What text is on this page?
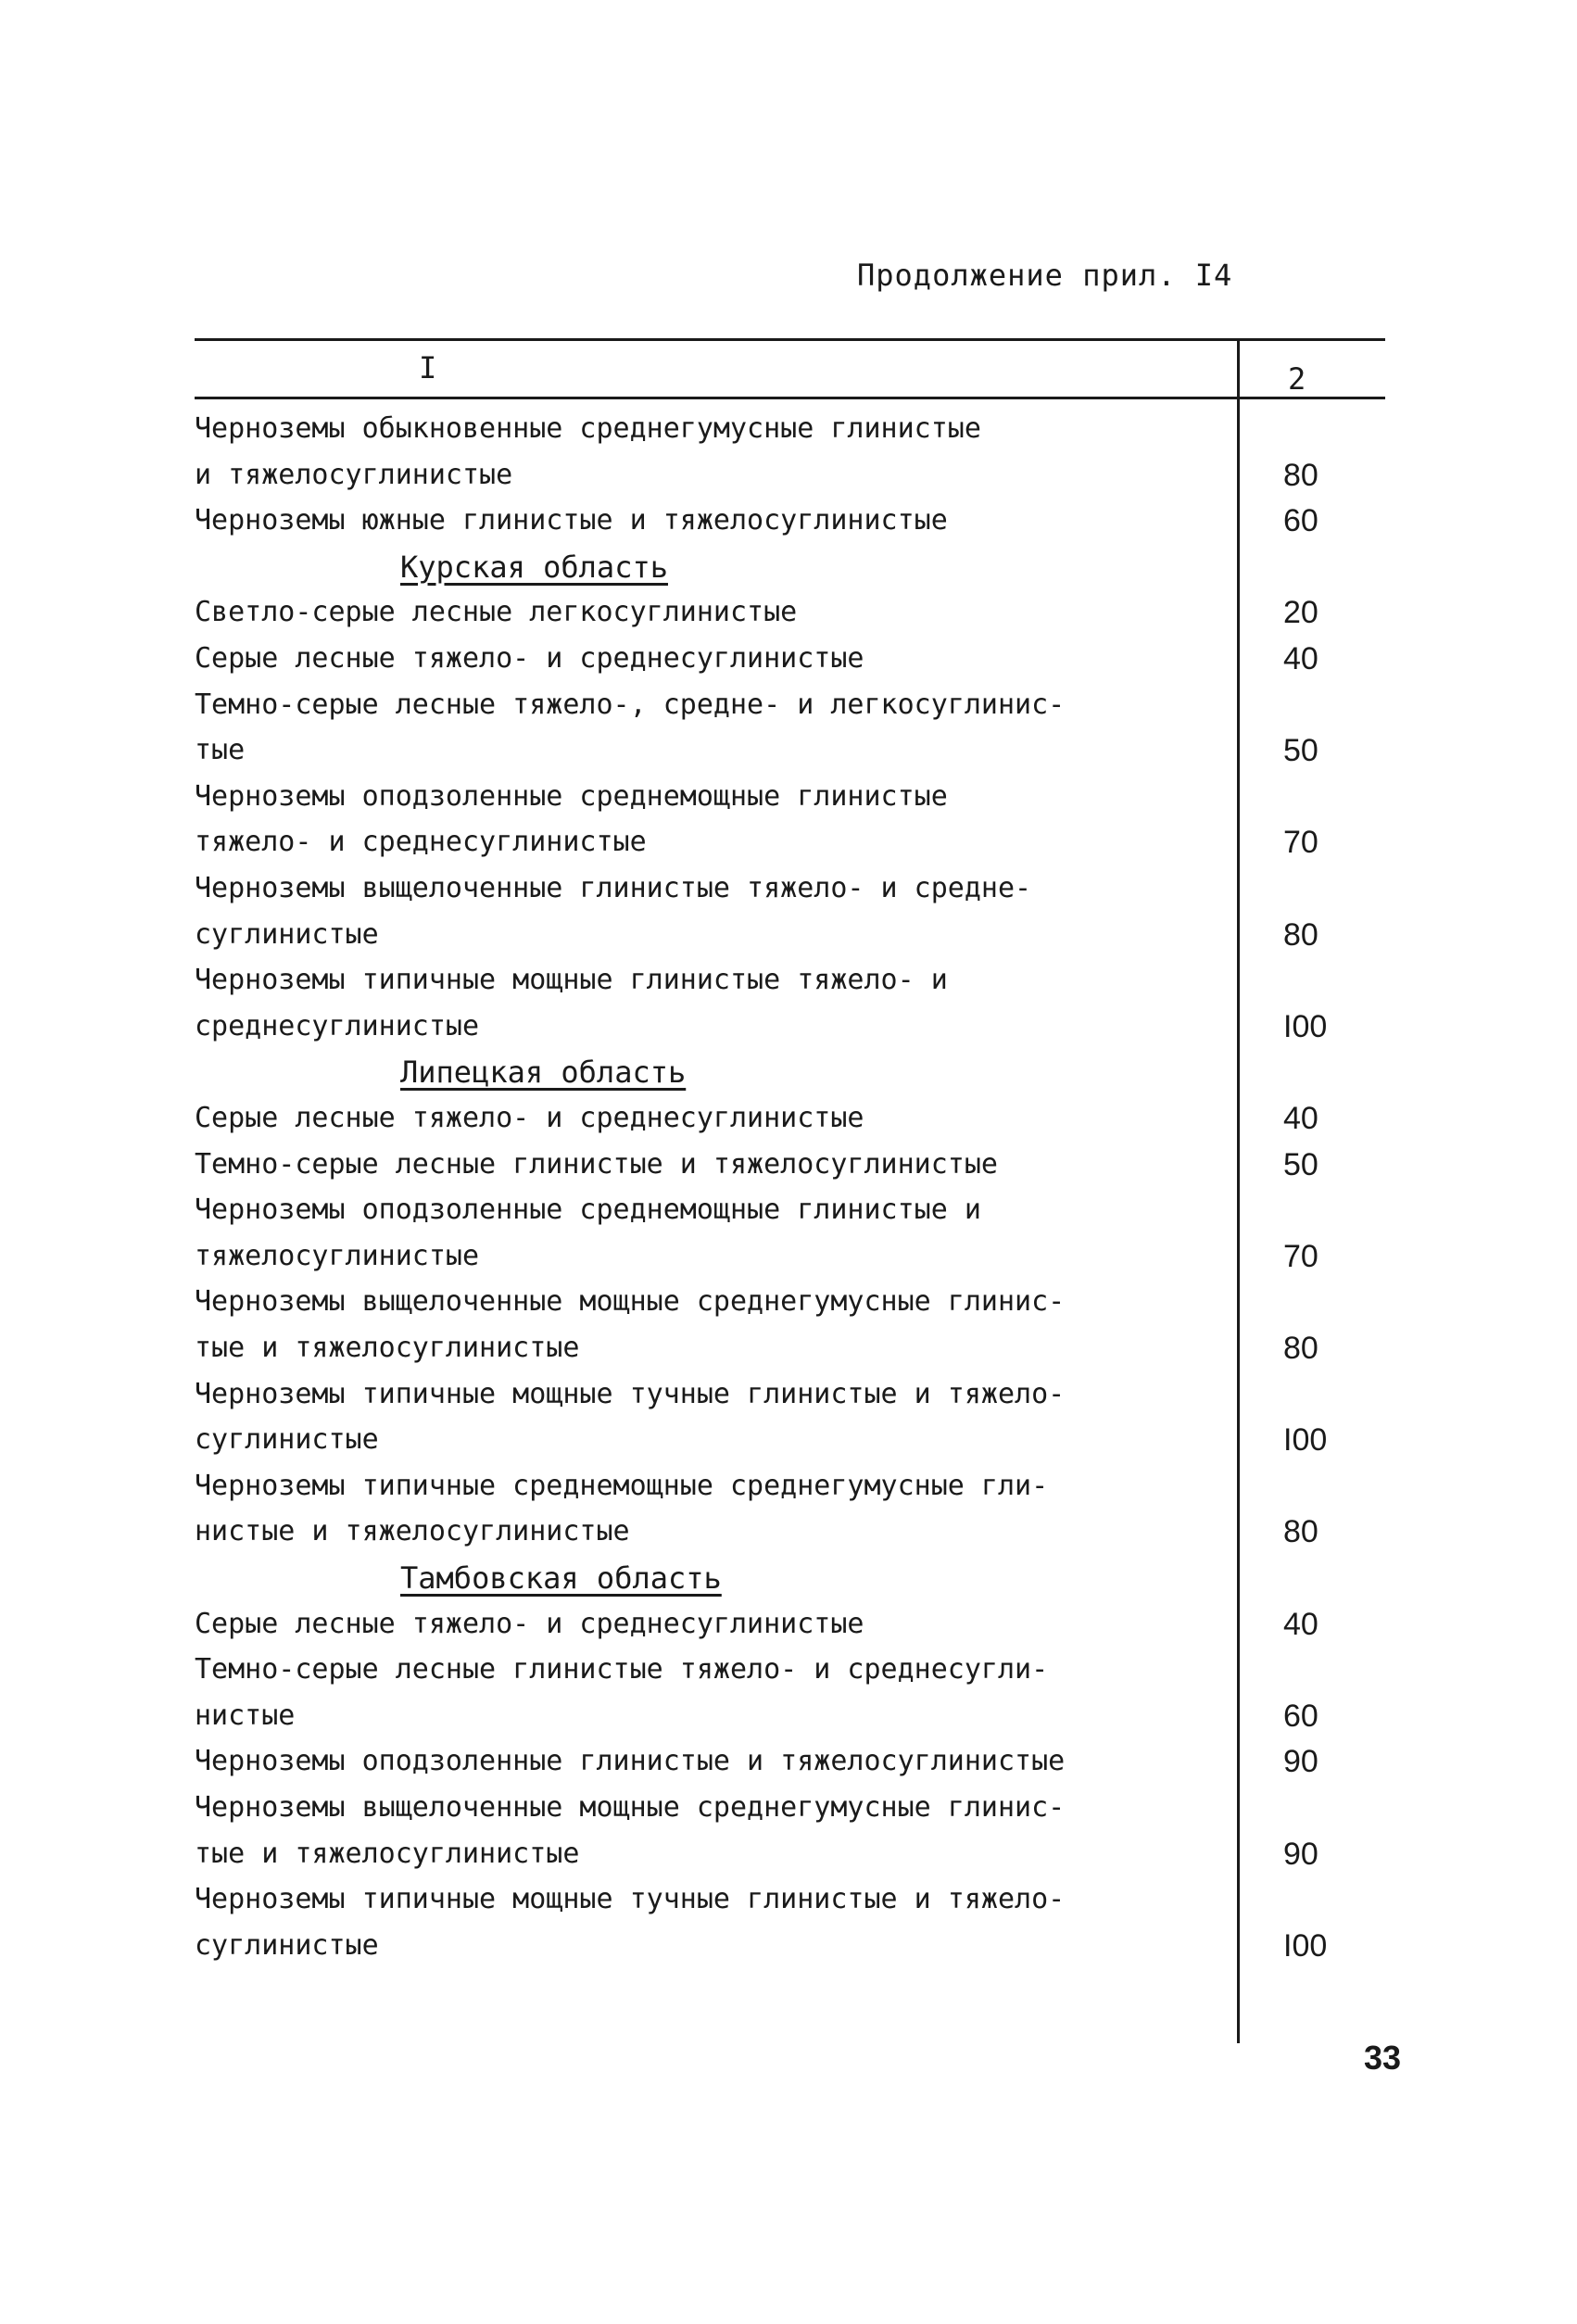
Продолжение прил. I4
I	2
Черноземы обыкновенные среднегумусные глинистые
и тяжелосуглинистые	80
Черноземы южные глинистые и тяжелосуглинистые	60
Курская область
Светло-серые лесные легкосуглинистые	20
Серые лесные тяжело- и среднесуглинистые	40
Темно-серые лесные тяжело-, средне- и легкосуглинис-
тые	50
Черноземы оподзоленные среднемощные глинистые
тяжело- и среднесуглинистые	70
Черноземы выщелоченные глинистые тяжело- и средне-
суглинистые	80
Черноземы типичные мощные глинистые тяжело- и
среднесуглинистые	I00
Липецкая область
Серые лесные тяжело- и среднесуглинистые	40
Темно-серые лесные глинистые и тяжелосуглинистые	50
Черноземы оподзоленные среднемощные глинистые и
тяжелосуглинистые	70
Черноземы выщелоченные мощные среднегумусные глинис-
тые и тяжелосуглинистые	80
Черноземы типичные мощные тучные глинистые и тяжело-
суглинистые	I00
Черноземы типичные среднемощные среднегумусные гли-
нистые и тяжелосуглинистые	80
Тамбовская область
Серые лесные тяжело- и среднесуглинистые	40
Темно-серые лесные глинистые тяжело- и среднесугли-
нистые	60
Черноземы оподзоленные глинистые и тяжелосуглинистые	90
Черноземы выщелоченные мощные среднегумусные глинис-
тые и тяжелосуглинистые	90
Черноземы типичные мощные тучные глинистые и тяжело-
суглинистые	I00
33
